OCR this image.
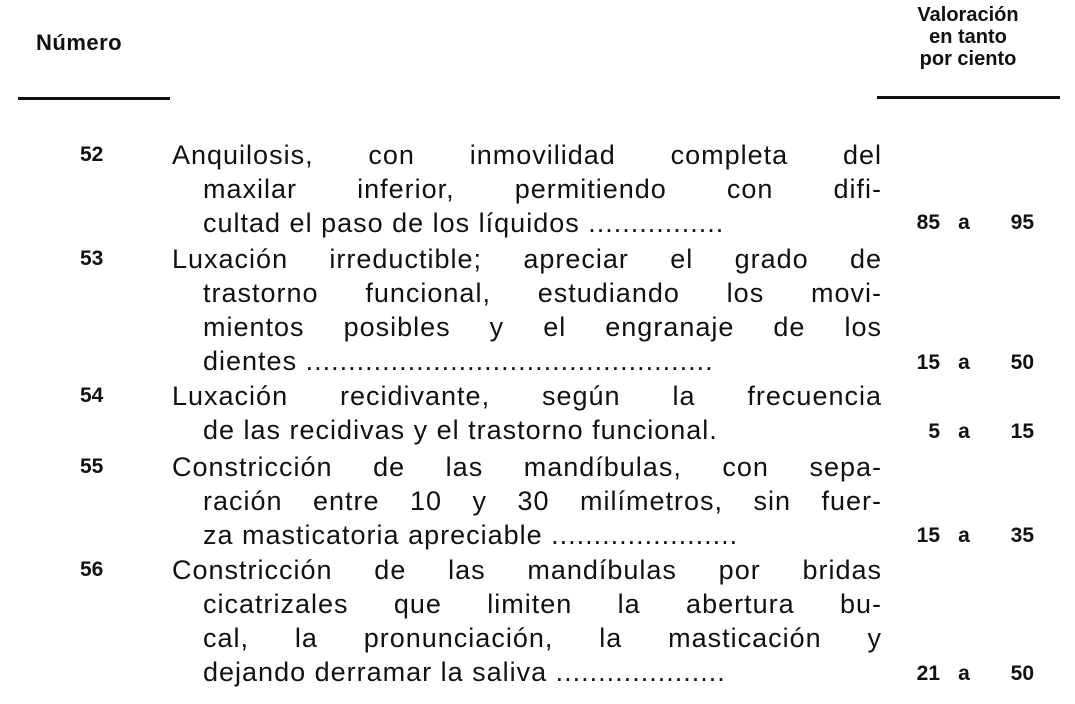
Número
Valoración
en tanto
por ciento
52	Anquilosis, con inmovilidad completa del
maxilar inferior, permitiendo con difi-
cultad el paso de los líquidos ................	85 a	95
53	Luxación irreductible; apreciar el grado de
trastorno funcional, estudiando los movi-
mientos posibles y el engranaje de los
dientes ................................................	15 a	50
54	Luxación recidivante, según la frecuencia
de las recidivas y el trastorno funcional.	5 a	15
55	Constricción de las mandíbulas, con sepa-
ración entre 10 y 30 milímetros, sin fuer-
za masticatoria apreciable ......................	15 a	35
56	Constricción de las mandíbulas por bridas
cicatrizales que limiten la abertura bu-
cal, la pronunciación, la masticación y
dejando derramar la saliva ....................	21 a	50
